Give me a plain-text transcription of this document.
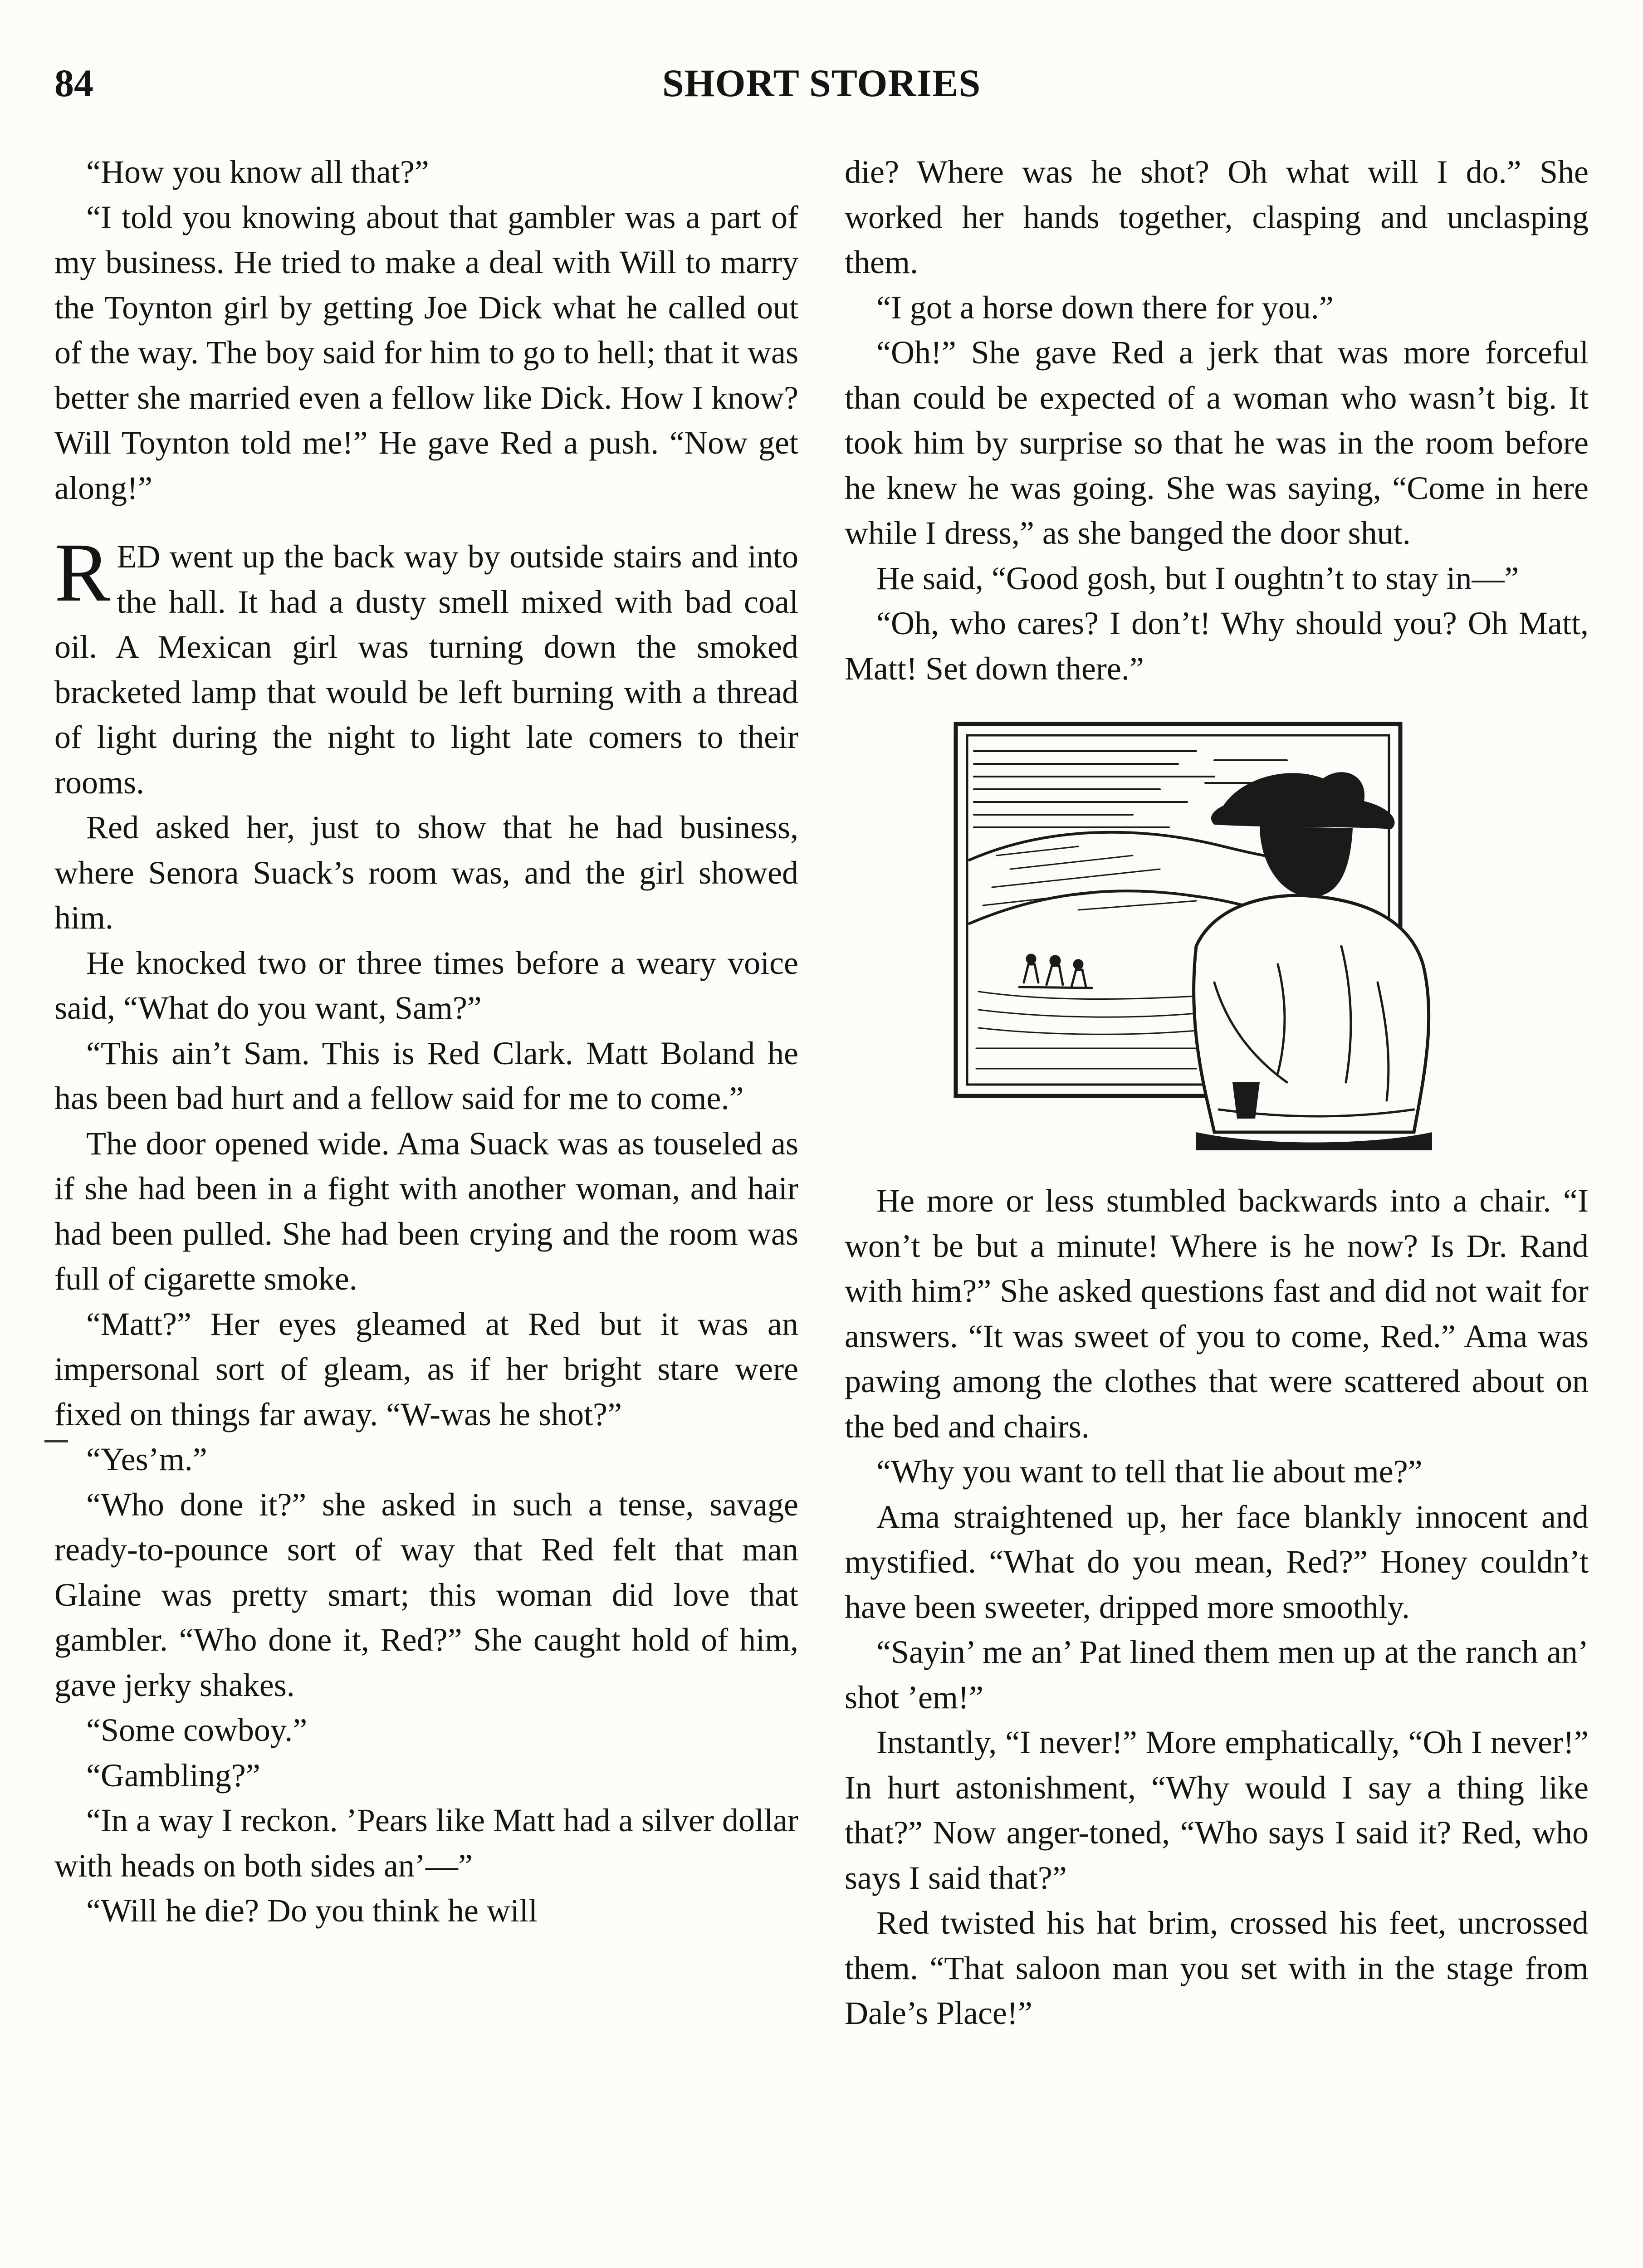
84	SHORT STORIES

“How you know all that?”

“I told you knowing about that gambler was a part of my business. He tried to make a deal with Will to marry the Toynton girl by getting Joe Dick what he called out of the way. The boy said for him to go to hell; that it was better she married even a fellow like Dick. How I know? Will Toynton told me!” He gave Red a push. “Now get along!”

RED went up the back way by outside stairs and into the hall. It had a dusty smell mixed with bad coal oil. A Mexican girl was turning down the smoked bracketed lamp that would be left burning with a thread of light during the night to light late comers to their rooms.

Red asked her, just to show that he had business, where Senora Suack’s room was, and the girl showed him.

He knocked two or three times before a weary voice said, “What do you want, Sam?”

“This ain’t Sam. This is Red Clark. Matt Boland he has been bad hurt and a fellow said for me to come.”

The door opened wide. Ama Suack was as touseled as if she had been in a fight with another woman, and hair had been pulled. She had been crying and the room was full of cigarette smoke.

“Matt?” Her eyes gleamed at Red but it was an impersonal sort of gleam, as if her bright stare were fixed on things far away. “W-was he shot?”

“Yes’m.”

“Who done it?” she asked in such a tense, savage ready-to-pounce sort of way that Red felt that man Glaine was pretty smart; this woman did love that gambler. “Who done it, Red?” She caught hold of him, gave jerky shakes.

“Some cowboy.”

“Gambling?”

“In a way I reckon. ’Pears like Matt had a silver dollar with heads on both sides an’—”

“Will he die? Do you think he will

die? Where was he shot? Oh what will I do.” She worked her hands together, clasping and unclasping them.

“I got a horse down there for you.”

“Oh!” She gave Red a jerk that was more forceful than could be expected of a woman who wasn’t big. It took him by surprise so that he was in the room before he knew he was going. She was saying, “Come in here while I dress,” as she banged the door shut.

He said, “Good gosh, but I oughtn’t to stay in—”

“Oh, who cares? I don’t! Why should you? Oh Matt, Matt! Set down there.”

He more or less stumbled backwards into a chair. “I won’t be but a minute! Where is he now? Is Dr. Rand with him?” She asked questions fast and did not wait for answers. “It was sweet of you to come, Red.” Ama was pawing among the clothes that were scattered about on the bed and chairs.

“Why you want to tell that lie about me?”

Ama straightened up, her face blankly innocent and mystified. “What do you mean, Red?” Honey couldn’t have been sweeter, dripped more smoothly.

“Sayin’ me an’ Pat lined them men up at the ranch an’ shot ’em!”

Instantly, “I never!” More emphatically, “Oh I never!” In hurt astonishment, “Why would I say a thing like that?” Now anger-toned, “Who says I said it? Red, who says I said that?”

Red twisted his hat brim, crossed his feet, uncrossed them. “That saloon man you set with in the stage from Dale’s Place!”
